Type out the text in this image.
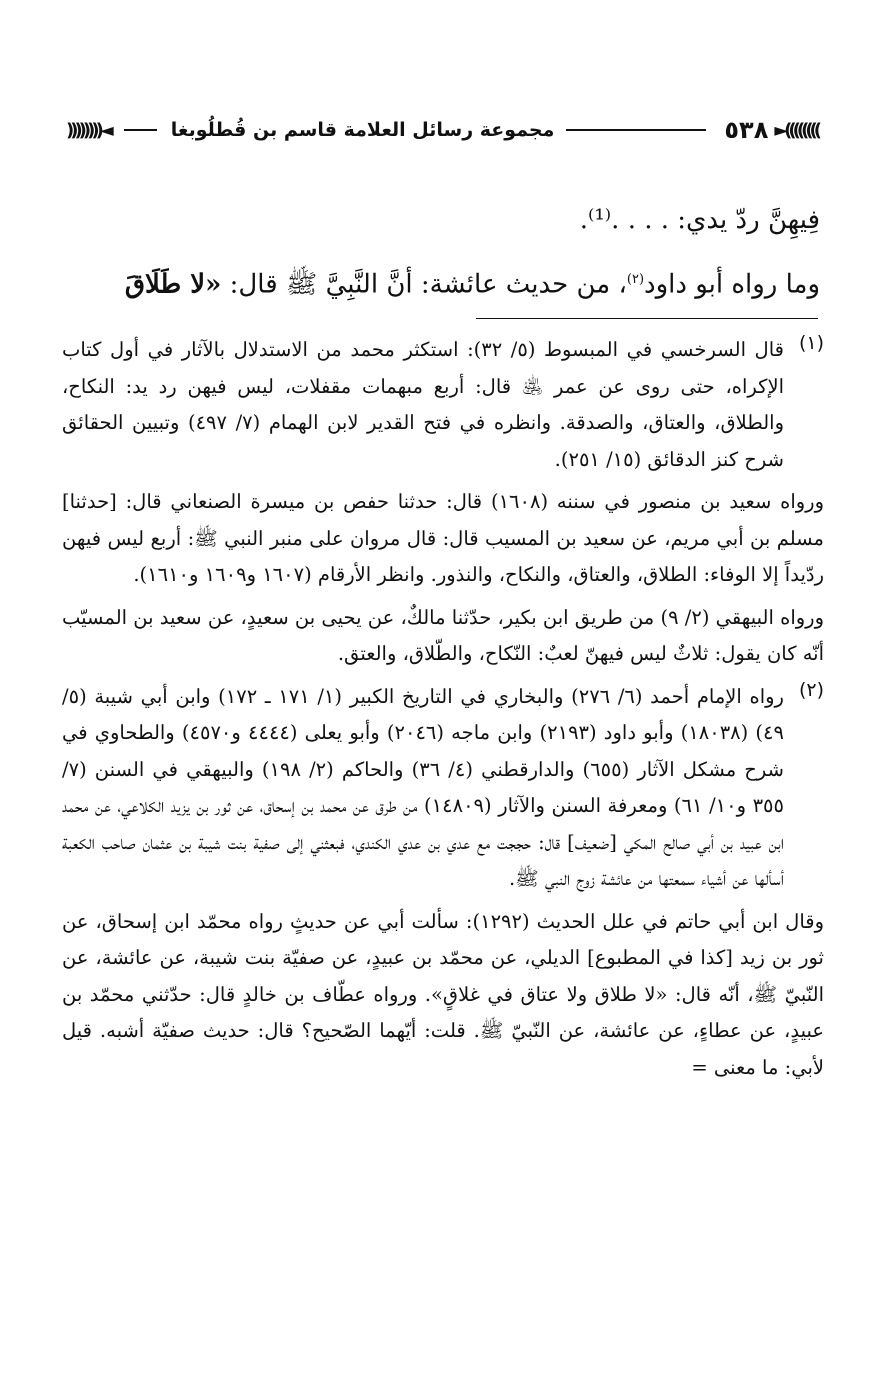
))))))))►
٥٣٨
مجموعة رسائل العلامة قاسم بن قُطلُوبغا
◄((((((((

فِيهِنَّ ردّ يدي: . . . .⁽¹⁾.

وما رواه أبو داود$^{(٢)}$، من حديث عائشة: أنَّ النَّبِيَّ ﷺ قال: «لا طَلَاقَ

(١)

قال السرخسي في المبسوط (٥/ ٣٢): استكثر محمد من الاستدلال بالآثار في أول كتاب الإكراه، حتى روى عن عمر ﵁ قال: أربع مبهمات مقفلات، ليس فيهن رد يد: النكاح، والطلاق، والعتاق، والصدقة. وانظره في فتح القدير لابن الهمام (٧/ ٤٩٧) وتبيين الحقائق شرح كنز الدقائق (١٥/ ٢٥١).

ورواه سعيد بن منصور في سننه (١٦٠٨) قال: حدثنا حفص بن ميسرة الصنعاني قال: [حدثنا] مسلم بن أبي مريم، عن سعيد بن المسيب قال: قال مروان على منبر النبي ﷺ: أربع ليس فيهن ردّيداً إلا الوفاء: الطلاق، والعتاق، والنكاح، والنذور. وانظر الأرقام (١٦٠٧ و١٦٠٩ و١٦١٠).

ورواه البيهقي (٢/ ٩) من طريق ابن بكير، حدّثنا مالكٌ، عن يحيى بن سعيدٍ، عن سعيد بن المسيّب أنّه كان يقول: ثلاثٌ ليس فيهنّ لعبٌ: النّكاح، والطّلاق، والعتق.

(٢)

رواه الإمام أحمد (٦/ ٢٧٦) والبخاري في التاريخ الكبير (١/ ١٧١ ـ ١٧٢) وابن أبي شيبة (٥/ ٤٩) (١٨٠٣٨) وأبو داود (٢١٩٣) وابن ماجه (٢٠٤٦) وأبو يعلى (٤٤٤٤ و٤٥٧٠) والطحاوي في شرح مشكل الآثار (٦٥٥) والدارقطني (٤/ ٣٦) والحاكم (٢/ ١٩٨) والبيهقي في السنن (٧/ ٣٥٥ و١٠/ ٦١) ومعرفة السنن والآثار (١٤٨٠٩) من طرق عن محمد بن إسحاق، عن ثور بن يزيد الكلاعي، عن محمد ابن عبيد بن أبي صالح المكي [ضعيف] قال: حججت مع عدي بن عدي الكندي، فبعثني إلى صفية بنت شيبة بن عثمان صاحب الكعبة أسألها عن أشياء سمعتها من عائشة زوج النبي ﷺ.

وقال ابن أبي حاتم في علل الحديث (١٢٩٢): سألت أبي عن حديثٍ رواه محمّد ابن إسحاق، عن ثور بن زيد [كذا في المطبوع] الديلي، عن محمّد بن عبيدٍ، عن صفيّة بنت شيبة، عن عائشة، عن النّبيّ ﷺ، أنّه قال: «لا طلاق ولا عتاق في غلاقٍ». ورواه عطّاف بن خالدٍ قال: حدّثني محمّد بن عبيدٍ، عن عطاءٍ، عن عائشة، عن النّبيّ ﷺ. قلت: أيّهما الصّحيح؟ قال: حديث صفيّة أشبه. قيل لأبي: ما معنى =
